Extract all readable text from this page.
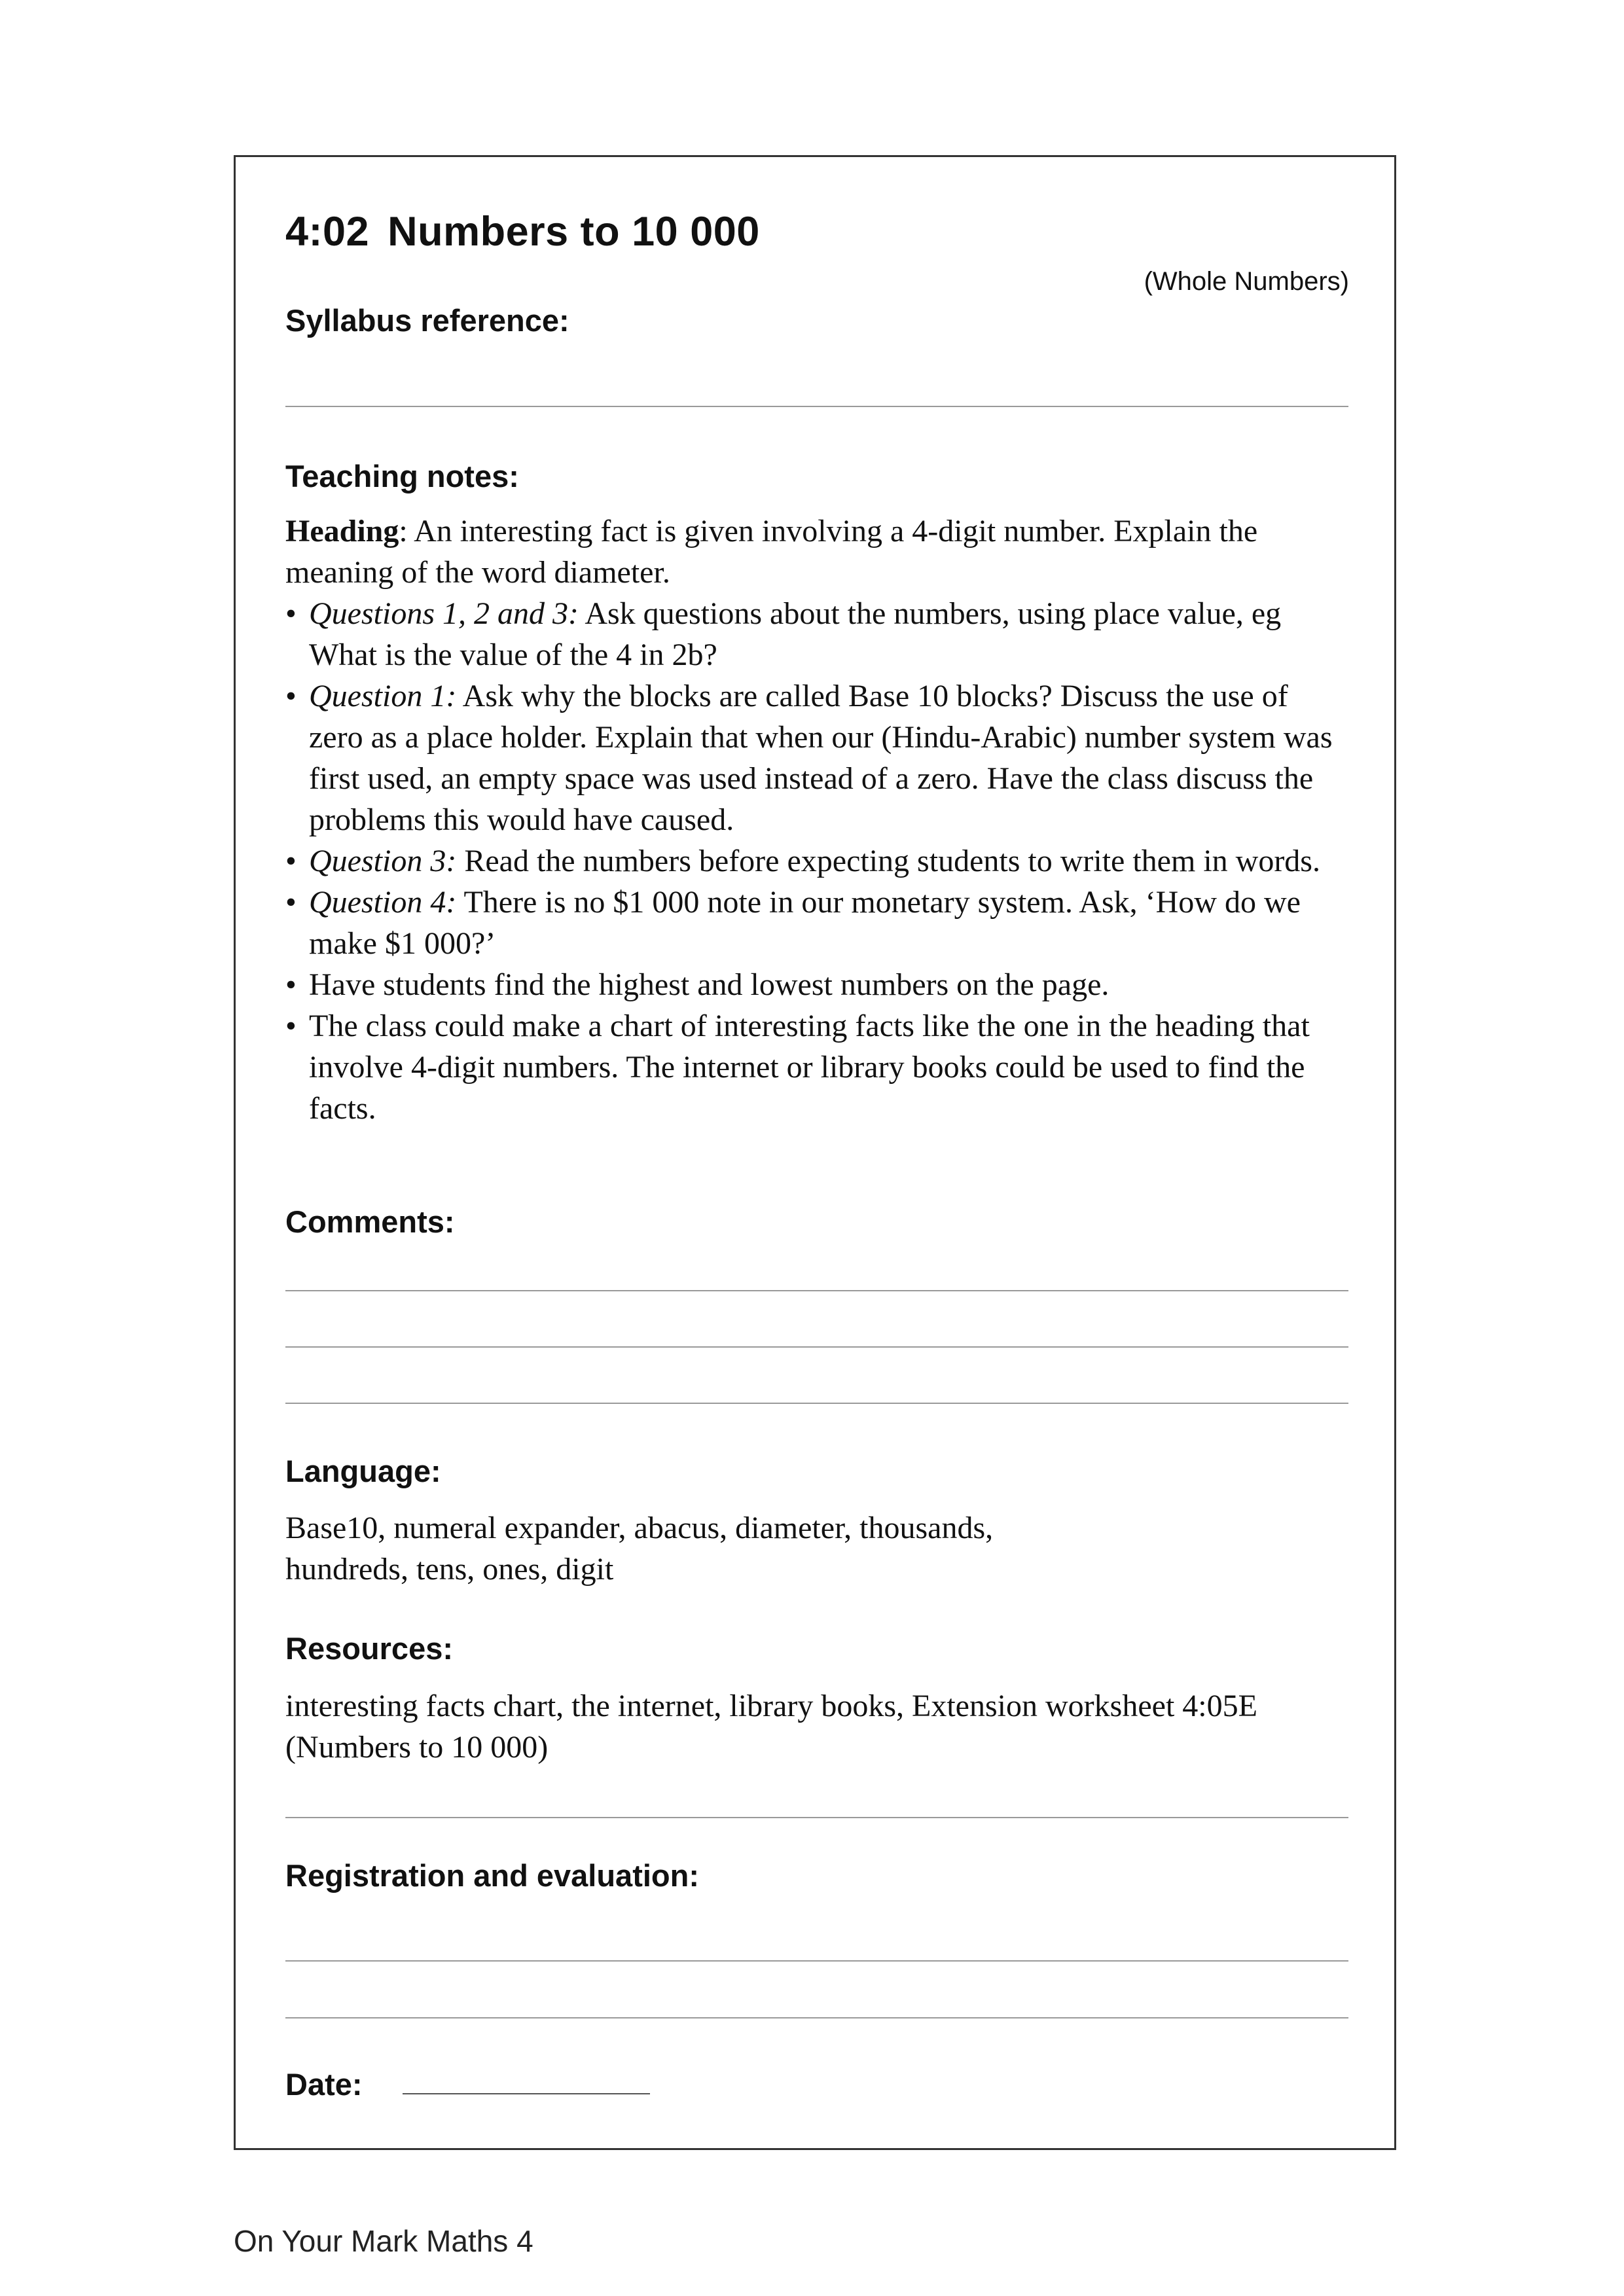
4:02 Numbers to 10 000
(Whole Numbers)
Syllabus reference:
Teaching notes:
Heading: An interesting fact is given involving a 4-digit number. Explain the meaning of the word diameter.
• Questions 1, 2 and 3: Ask questions about the numbers, using place value, eg What is the value of the 4 in 2b?
• Question 1: Ask why the blocks are called Base 10 blocks? Discuss the use of zero as a place holder. Explain that when our (Hindu-Arabic) number system was first used, an empty space was used instead of a zero. Have the class discuss the problems this would have caused.
• Question 3: Read the numbers before expecting students to write them in words.
• Question 4: There is no $1 000 note in our monetary system. Ask, ‘How do we make $1 000?’
• Have students find the highest and lowest numbers on the page.
• The class could make a chart of interesting facts like the one in the heading that involve 4-digit numbers. The internet or library books could be used to find the facts.
Comments:
Language:
Base10, numeral expander, abacus, diameter, thousands,
hundreds, tens, ones, digit
Resources:
interesting facts chart, the internet, library books, Extension worksheet 4:05E
(Numbers to 10 000)
Registration and evaluation:
Date:
On Your Mark Maths 4
